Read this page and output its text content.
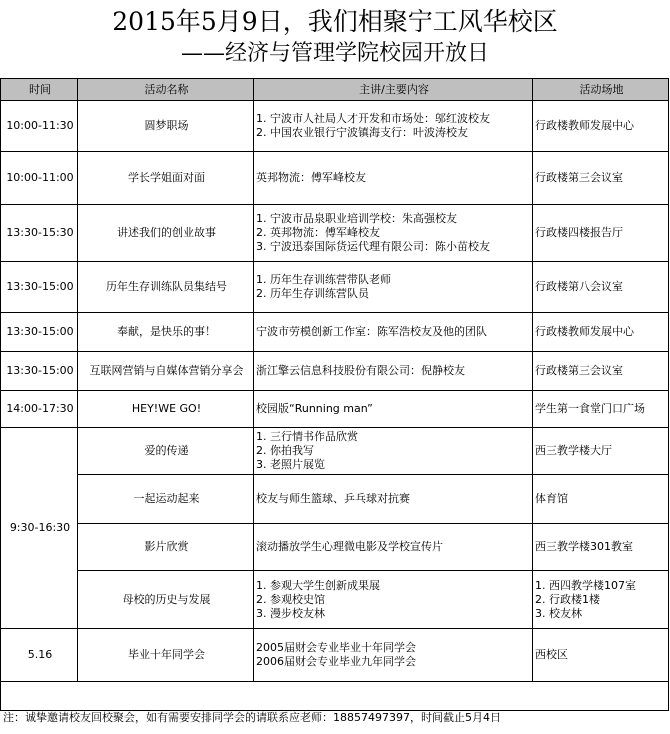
2015年5月9日，我们相聚宁工风华校区
——经济与管理学院校园开放日
时间	活动名称	主讲/主要内容	活动场地
10:00-11:30	圆梦职场	1. 宁波市人社局人才开发和市场处：邬红波校友
2. 中国农业银行宁波镇海支行：叶波涛校友	行政楼教师发展中心
10:00-11:00	学长学姐面对面	英邦物流：傅军峰校友	行政楼第三会议室
13:30-15:30	讲述我们的创业故事	1. 宁波市品泉职业培训学校：朱高强校友
2. 英邦物流：傅军峰校友
3. 宁波迅泰国际货运代理有限公司：陈小苗校友	行政楼四楼报告厅
13:30-15:00	历年生存训练队员集结号	1. 历年生存训练营带队老师
2. 历年生存训练营队员	行政楼第八会议室
13:30-15:00	奉献，是快乐的事！	宁波市劳模创新工作室：陈军浩校友及他的团队	行政楼教师发展中心
13:30-15:00	互联网营销与自媒体营销分享会	浙江擎云信息科技股份有限公司：倪静校友	行政楼第三会议室
14:00-17:30	HEY!WE GO!	校园版“Running man”	学生第一食堂门口广场
9:30-16:30	爱的传递	1. 三行情书作品欣赏
2. 你拍我写
3. 老照片展览	西三教学楼大厅
	一起运动起来	校友与师生篮球、乒乓球对抗赛	体育馆
	影片欣赏	滚动播放学生心理微电影及学校宣传片	西三教学楼301教室
	母校的历史与发展	1. 参观大学生创新成果展
2. 参观校史馆
3. 漫步校友林	1. 西四教学楼107室
2. 行政楼1楼
3. 校友林

5.16	毕业十年同学会	2005届财会专业毕业十年同学会
2006届财会专业毕业九年同学会	西校区

注：诚挚邀请校友回校聚会，如有需要安排同学会的请联系应老师：18857497397，时间截止5月4日
